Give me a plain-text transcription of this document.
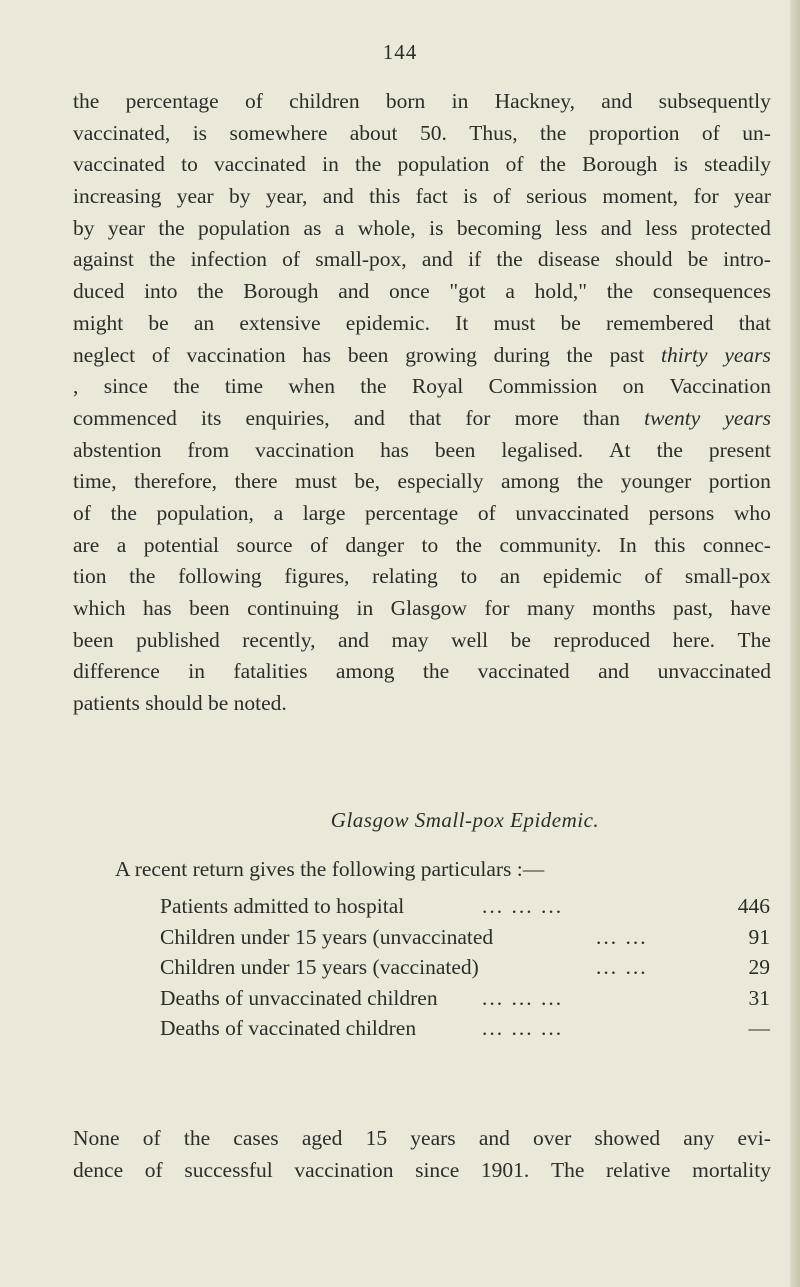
144
the percentage of children born in Hackney, and subsequently
vaccinated, is somewhere about 50. Thus, the proportion of un-
vaccinated to vaccinated in the population of the Borough is steadily
increasing year by year, and this fact is of serious moment, for year
by year the population as a whole, is becoming less and less protected
against the infection of small-pox, and if the disease should be intro-
duced into the Borough and once "got a hold," the consequences
might be an extensive epidemic. It must be remembered that
neglect of vaccination has been growing during the past thirty years
, since the time when the Royal Commission on Vaccination
commenced its enquiries, and that for more than twenty years
abstention from vaccination has been legalised. At the present
time, therefore, there must be, especially among the younger portion
of the population, a large percentage of unvaccinated persons who
are a potential source of danger to the community. In this connec-
tion the following figures, relating to an epidemic of small-pox
which has been continuing in Glasgow for many months past, have
been published recently, and may well be reproduced here. The
difference in fatalities among the vaccinated and unvaccinated
patients should be noted.
Glasgow Small-pox Epidemic.
A recent return gives the following particulars :—
Patients admitted to hospital	... ... ...	446
Children under 15 years (unvaccinated	... ...	91
Children under 15 years (vaccinated)	... ...	29
Deaths of unvaccinated children ... ... ...	31
Deaths of vaccinated children	... ... ...	—
None of the cases aged 15 years and over showed any evi-
dence of successful vaccination since 1901. The relative mortality
